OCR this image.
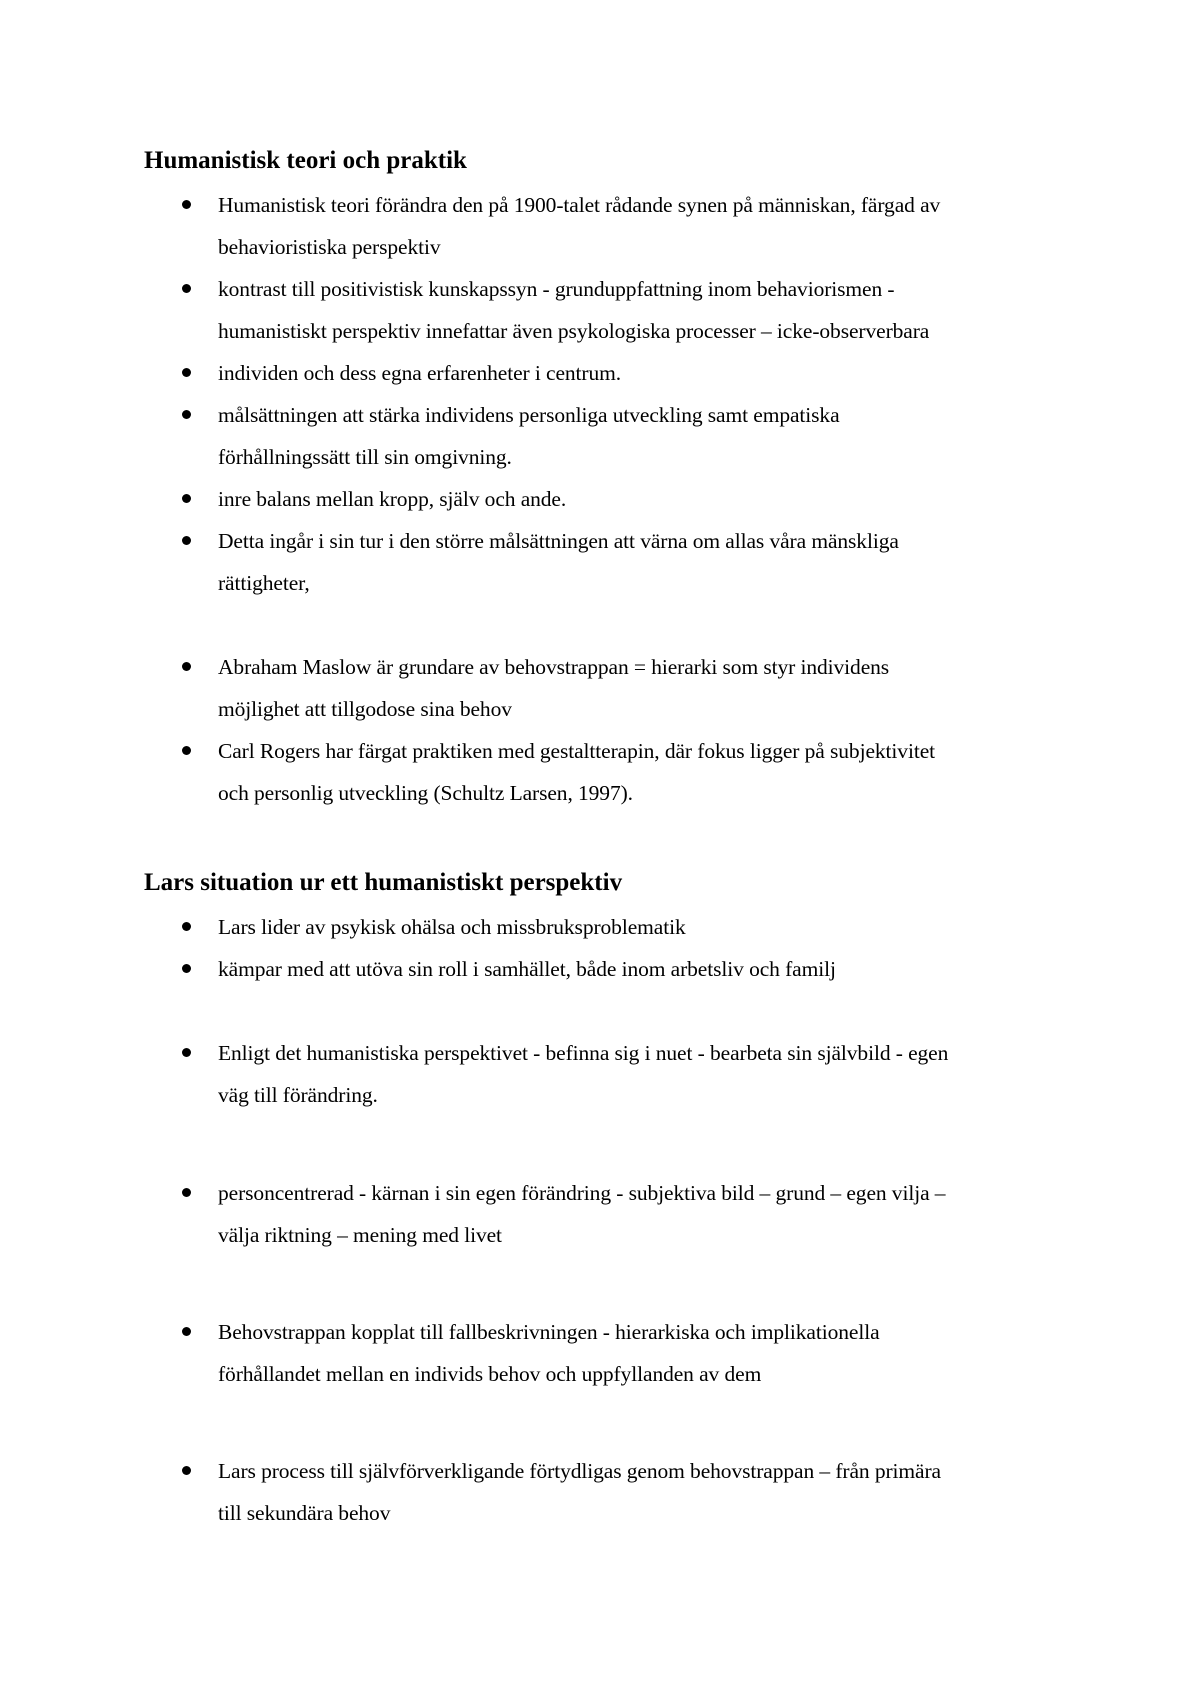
Humanistisk teori och praktik
Humanistisk teori förändra den på 1900-talet rådande synen på människan, färgad av
behavioristiska perspektiv
kontrast till positivistisk kunskapssyn - grunduppfattning inom behaviorismen -
humanistiskt perspektiv innefattar även psykologiska processer – icke-observerbara
individen och dess egna erfarenheter i centrum.
målsättningen att stärka individens personliga utveckling samt empatiska
förhållningssätt till sin omgivning.
inre balans mellan kropp, själv och ande.
Detta ingår i sin tur i den större målsättningen att värna om allas våra mänskliga
rättigheter,
Abraham Maslow är grundare av behovstrappan = hierarki som styr individens
möjlighet att tillgodose sina behov
Carl Rogers har färgat praktiken med gestaltterapin, där fokus ligger på subjektivitet
och personlig utveckling (Schultz Larsen, 1997).
Lars situation ur ett humanistiskt perspektiv
Lars lider av psykisk ohälsa och missbruksproblematik
kämpar med att utöva sin roll i samhället, både inom arbetsliv och familj
Enligt det humanistiska perspektivet - befinna sig i nuet - bearbeta sin självbild - egen
väg till förändring.
personcentrerad - kärnan i sin egen förändring - subjektiva bild – grund – egen vilja –
välja riktning – mening med livet
Behovstrappan kopplat till fallbeskrivningen - hierarkiska och implikationella
förhållandet mellan en individs behov och uppfyllanden av dem
Lars process till självförverkligande förtydligas genom behovstrappan – från primära
till sekundära behov
